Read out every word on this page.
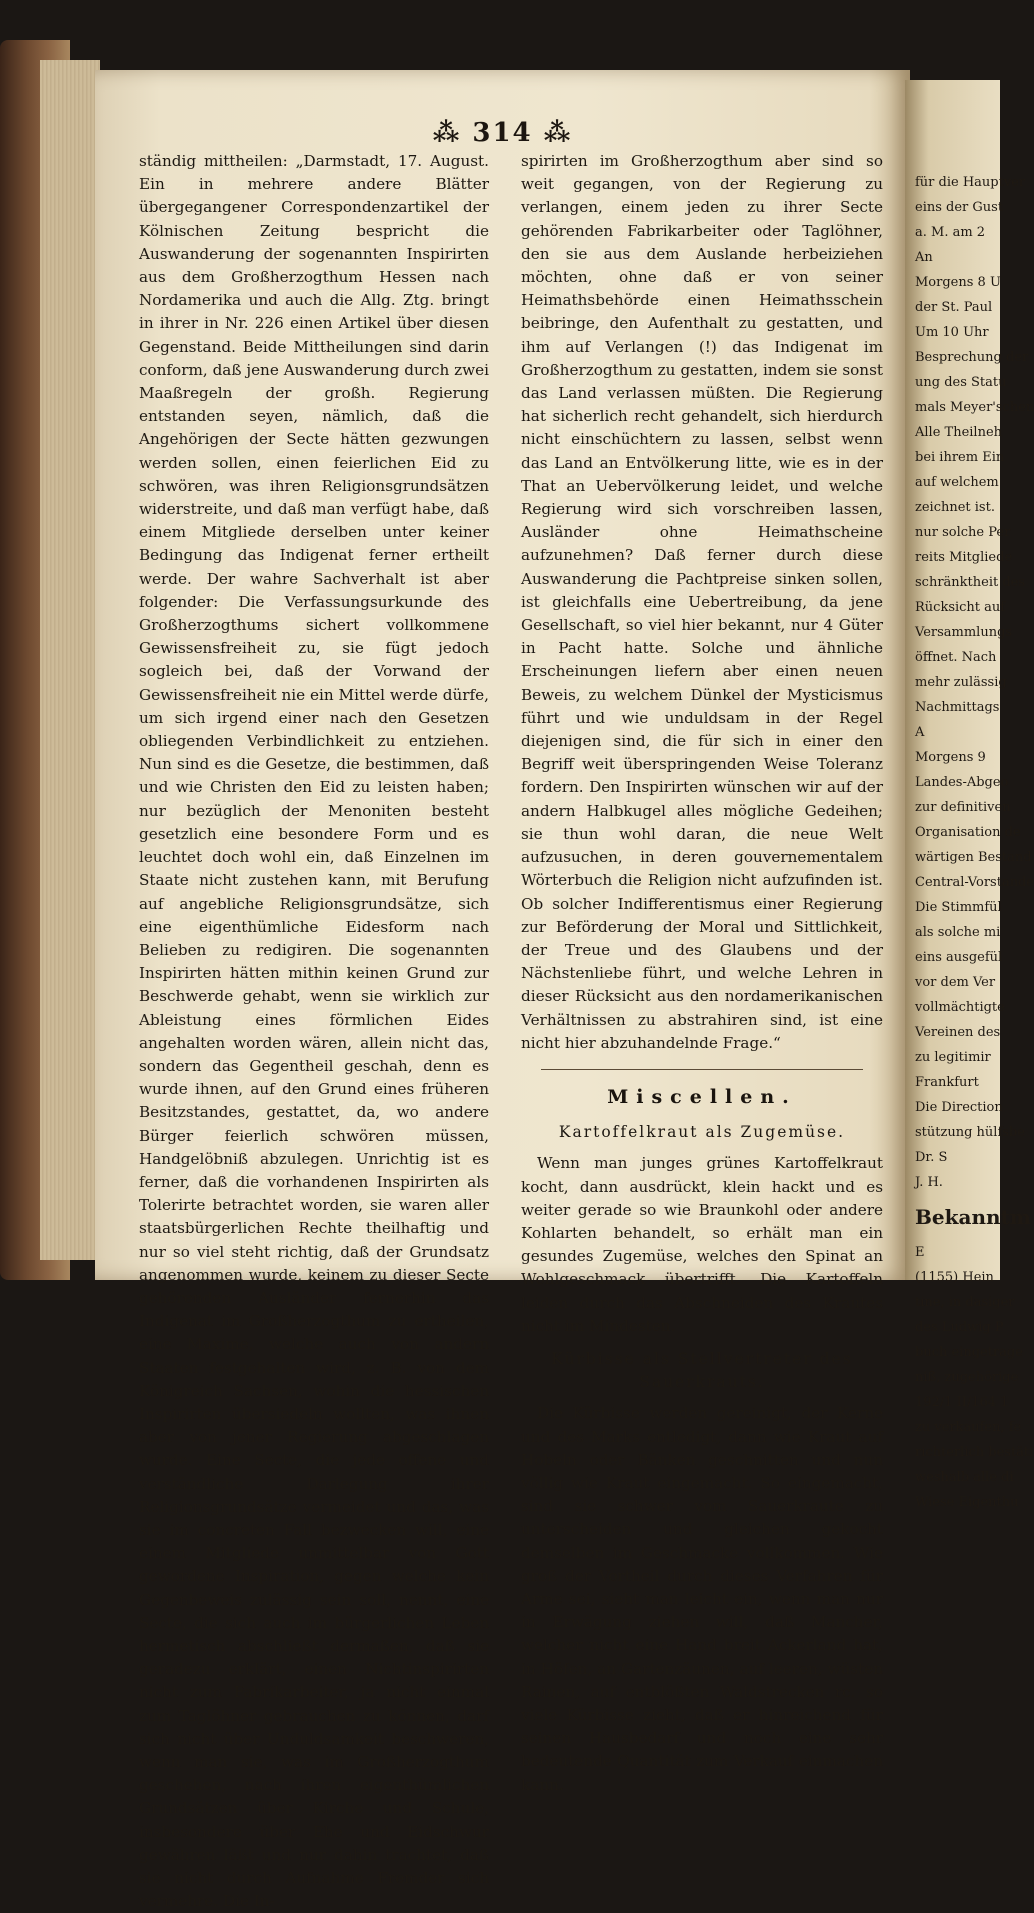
⁂ 314 ⁂

ständig mittheilen: „Darmstadt, 17. August. Ein in mehrere andere Blätter übergegangener Correspondenzartikel der Kölnischen Zeitung bespricht die Auswanderung der sogenannten Inspirirten aus dem Großherzogthum Hessen nach Nordamerika und auch die Allg. Ztg. bringt in ihrer in Nr. 226 einen Artikel über diesen Gegenstand. Beide Mittheilungen sind darin conform, daß jene Auswanderung durch zwei Maaßregeln der großh. Regierung entstanden seyen, nämlich, daß die Angehörigen der Secte hätten gezwungen werden sollen, einen feierlichen Eid zu schwören, was ihren Religionsgrundsätzen widerstreite, und daß man verfügt habe, daß einem Mitgliede derselben unter keiner Bedingung das Indigenat ferner ertheilt werde. Der wahre Sachverhalt ist aber folgender: Die Verfassungsurkunde des Großherzogthums sichert vollkommene Gewissensfreiheit zu, sie fügt jedoch sogleich bei, daß der Vorwand der Gewissensfreiheit nie ein Mittel werde dürfe, um sich irgend einer nach den Gesetzen obliegenden Verbindlichkeit zu entziehen. Nun sind es die Gesetze, die bestimmen, daß und wie Christen den Eid zu leisten haben; nur bezüglich der Menoniten besteht gesetzlich eine besondere Form und es leuchtet doch wohl ein, daß Einzelnen im Staate nicht zustehen kann, mit Berufung auf angebliche Religionsgrundsätze, sich eine eigenthümliche Eidesform nach Belieben zu redigiren. Die sogenannten Inspirirten hätten mithin keinen Grund zur Beschwerde gehabt, wenn sie wirklich zur Ableistung eines förmlichen Eides angehalten worden wären, allein nicht das, sondern das Gegentheil geschah, denn es wurde ihnen, auf den Grund eines früheren Besitzstandes, gestattet, da, wo andere Bürger feierlich schwören müssen, Handgelöbniß abzulegen. Unrichtig ist es ferner, daß die vorhandenen Inspirirten als Tolerirte betrachtet worden, sie waren aller staatsbürgerlichen Rechte theilhaftig und nur so viel steht richtig, daß der Grundsatz angenommen wurde, keinem zu dieser Secte gehörenden Ausländer fernerhin das Indigenat im Großherzogthum zu ertheilen, eine Maxime, welche auch von andern Staaten festgehalten wird, z. B. von dem Königreich Sachsen, wohin die hessischen Inspirirten übersiedeln wollten, was ihnen aber von jener Regierung abgeschlagen wurde. Eine Secte, die jede offene und verständliche Darlegung ihrer Religionsgrundsätze vermeidet und das, was sie im concreten Fall bezwecken will, eine einem Mitgliede unmittelbar von Gott gewordene Inspiration, gegen welche kein Gegenbeweis zulässig sein soll, nennt, eine Secte, die sich auch im bürgerlichen Leben hermetisch abschließt dermaßen, daß sie geradezu erklärt, einen Nichtinspirirten nicht zum Fabrikarbeiter, ja nicht einmal zum Taglöhner gebrauchen zu können, darf sich nicht über Unduldsamkeit beschweren, wenn man sie, was im Großherzogthum geschehen, nach ihren eigenthümlichen Grundsätzen über Kirche und Schule, insbesondere über Ehe und Eidschwur gewähren läßt und nur dahin trachtet, daß sie nicht durch Aufnahme Fremder sich vermehre. Die In-

spirirten im Großherzogthum aber sind so weit gegangen, von der Regierung zu verlangen, einem jeden zu ihrer Secte gehörenden Fabrikarbeiter oder Taglöhner, den sie aus dem Auslande herbeiziehen möchten, ohne daß er von seiner Heimathsbehörde einen Heimathsschein beibringe, den Aufenthalt zu gestatten, und ihm auf Verlangen (!) das Indigenat im Großherzogthum zu gestatten, indem sie sonst das Land verlassen müßten. Die Regierung hat sicherlich recht gehandelt, sich hierdurch nicht einschüchtern zu lassen, selbst wenn das Land an Entvölkerung litte, wie es in der That an Uebervölkerung leidet, und welche Regierung wird sich vorschreiben lassen, Ausländer ohne Heimathscheine aufzunehmen? Daß ferner durch diese Auswanderung die Pachtpreise sinken sollen, ist gleichfalls eine Uebertreibung, da jene Gesellschaft, so viel hier bekannt, nur 4 Güter in Pacht hatte. Solche und ähnliche Erscheinungen liefern aber einen neuen Beweis, zu welchem Dünkel der Mysticismus führt und wie unduldsam in der Regel diejenigen sind, die für sich in einer den Begriff weit überspringenden Weise Toleranz fordern. Den Inspirirten wünschen wir auf der andern Halbkugel alles mögliche Gedeihen; sie thun wohl daran, die neue Welt aufzusuchen, in deren gouvernementalem Wörterbuch die Religion nicht aufzufinden ist. Ob solcher Indifferentismus einer Regierung zur Beförderung der Moral und Sittlichkeit, der Treue und des Glaubens und der Nächstenliebe führt, und welche Lehren in dieser Rücksicht aus den nordamerikanischen Verhältnissen zu abstrahiren sind, ist eine nicht hier abzuhandelnde Frage.“

Miscellen.
Kartoffelkraut als Zugemüse.

Wenn man junges grünes Kartoffelkraut kocht, dann ausdrückt, klein hackt und es weiter gerade so wie Braunkohl oder andere Kohlarten behandelt, so erhält man ein gesundes Zugemüse, welches den Spinat an Wohlgeschmack übertrifft. Die Kartoffeln leiden durch das Abschneiden des Krautes nicht im Mindesten.

Kürbisse als Stellvertreter des Sauerkrauts.

Die Kürbisse werden gereinigt, der Kerne und des Marks entledigt, dann wie Kraut auf Hobeln oder Bänken geschnitten und nun völlig wie Kraut eingemacht. So eingemacht, sind sie schwer vom Sauerkraute zu unterscheiden und gleichen gekocht demselben im Geschmacke vollkommen. Wie groß der Vortheil durch dieses Verfahren für Arme sei, sieht man leicht ein, wenn man nur in Erwägung ziehen will, daß Mancher, welcher nicht eine Hand breit Ackerland hat, in Höfen, an Gartenzäunen, auf leeren, wüsten Rainen, auf entblößten Waldstrecken rc. so viele Kürbisse zieht, daß er hinreichend für seinen Hausbedarf und noch eine sehr bedeutende Quantität zum Verkauf einmachen kann.

für die Hauptver
eins der Gust
a. M. am 2
An
Morgens 8 U
der St. Paul
Um 10 Uhr
Besprechung der
ung des Statu
mals Meyer'schen
Alle Theilneh
bei ihrem Ein
auf welchem
zeichnet ist.
nur solche Per
reits Mitgliede
schränktheit des
Rücksicht auf
Versammlungs
öffnet. Nach
mehr zulässig
Nachmittags
A
Morgens 9
Landes-Abgeo
zur definitiven
Organisation de
wärtigen Bestand
Central-Vorstande
Die Stimmfül
als solche mi
eins ausgefül
vor dem Ver
vollmächtigte
Vereinen des
zu legitimir
Frankfurt
Die Direction
stützung hülfsbe
Dr. S
J. H.
Bekanntm
E
(1155) Hein
tine, in dasiger
des Ludwig P
buch eingetrage
niß, zugehörige
192/1 II/164 1
zu verkaufen, fe
richterlich bestäti
weshalb alle di
Wiese Eigenthu
